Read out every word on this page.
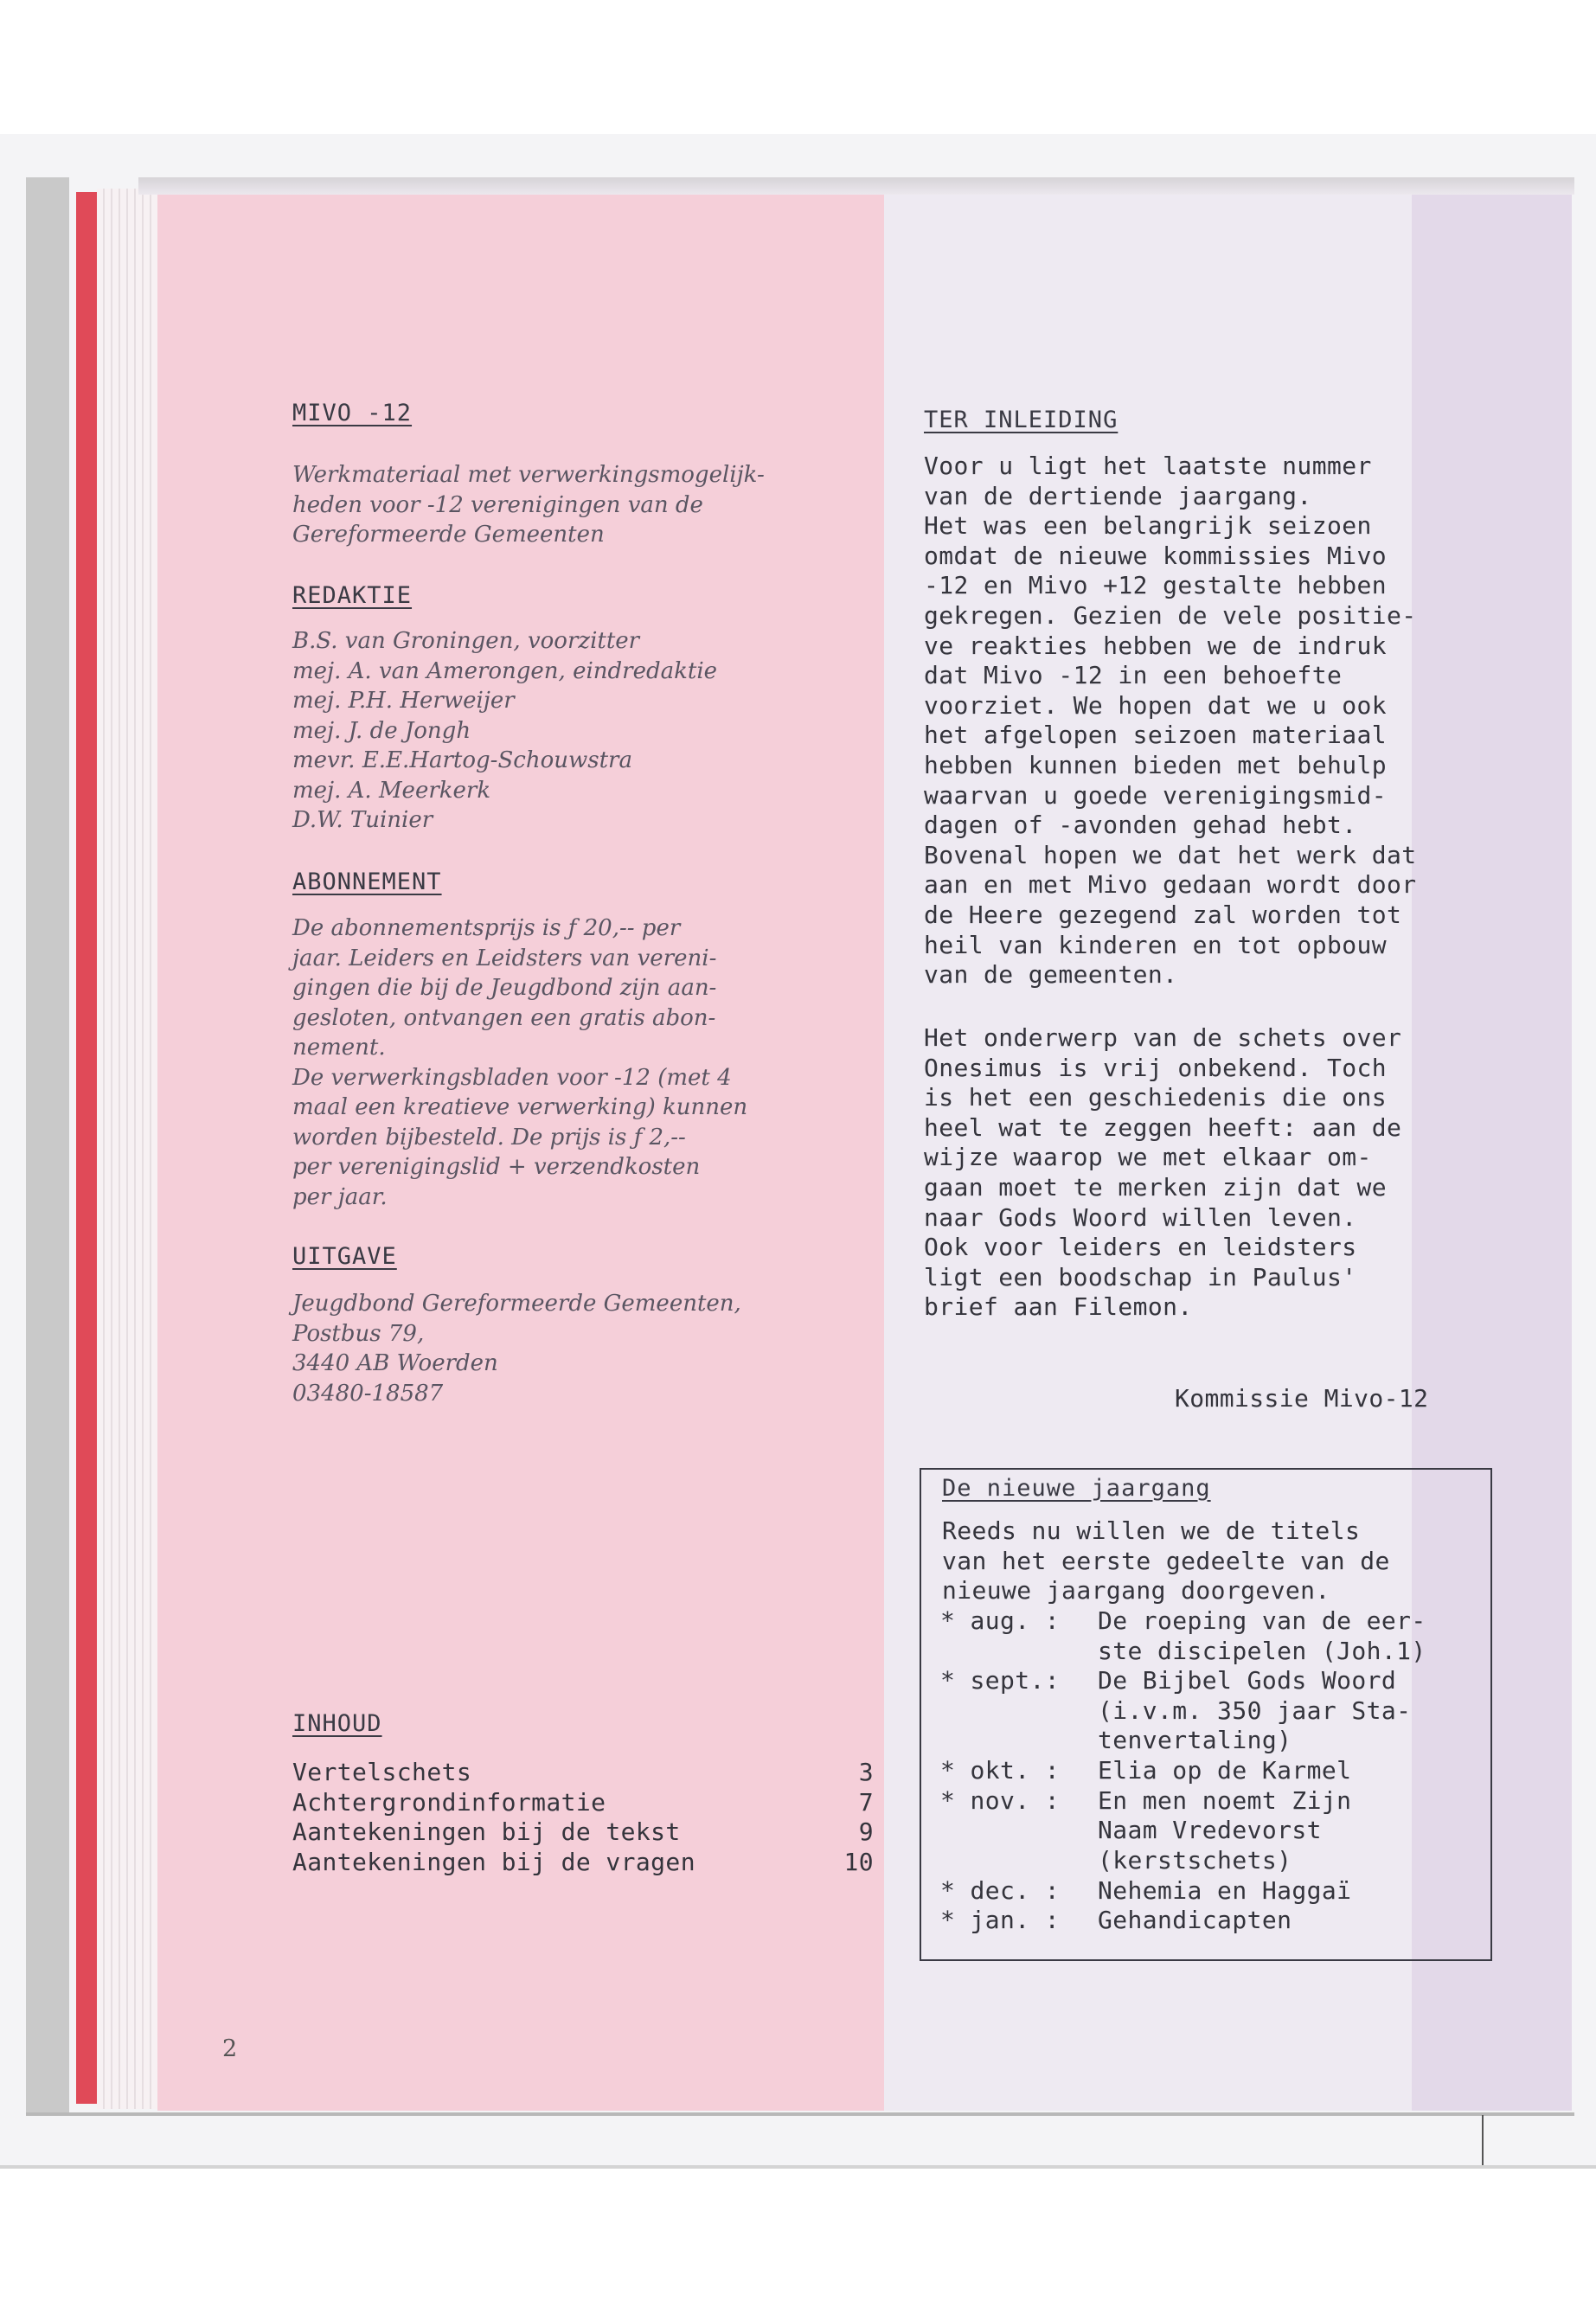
MIVO -12
Werkmateriaal met verwerkingsmogelijk-
heden voor -12 verenigingen van de
Gereformeerde Gemeenten
REDAKTIE
B.S. van Groningen, voorzitter
mej. A. van Amerongen, eindredaktie
mej. P.H. Herweijer
mej. J. de Jongh
mevr. E.E.Hartog-Schouwstra
mej. A. Meerkerk
D.W. Tuinier
ABONNEMENT
De abonnementsprijs is ƒ 20,-- per
jaar. Leiders en Leidsters van vereni-
gingen die bij de Jeugdbond zijn aan-
gesloten, ontvangen een gratis abon-
nement.
De verwerkingsbladen voor -12 (met 4
maal een kreatieve verwerking) kunnen
worden bijbesteld. De prijs is ƒ 2,--
per verenigingslid + verzendkosten
per jaar.
UITGAVE
Jeugdbond Gereformeerde Gemeenten,
Postbus 79,
3440 AB Woerden
03480-18587
INHOUD
Vertelschets	3
Achtergrondinformatie	7
Aantekeningen bij de tekst	9
Aantekeningen bij de vragen	10
2
TER INLEIDING
Voor u ligt het laatste nummer
van de dertiende jaargang.
Het was een belangrijk seizoen
omdat de nieuwe kommissies Mivo
-12 en Mivo +12 gestalte hebben
gekregen. Gezien de vele positie-
ve reakties hebben we de indruk
dat Mivo -12 in een behoefte
voorziet. We hopen dat we u ook
het afgelopen seizoen materiaal
hebben kunnen bieden met behulp
waarvan u goede verenigingsmid-
dagen of -avonden gehad hebt.
Bovenal hopen we dat het werk dat
aan en met Mivo gedaan wordt door
de Heere gezegend zal worden tot
heil van kinderen en tot opbouw
van de gemeenten.
Het onderwerp van de schets over
Onesimus is vrij onbekend. Toch
is het een geschiedenis die ons
heel wat te zeggen heeft: aan de
wijze waarop we met elkaar om-
gaan moet te merken zijn dat we
naar Gods Woord willen leven.
Ook voor leiders en leidsters
ligt een boodschap in Paulus'
brief aan Filemon.
Kommissie Mivo-12
De nieuwe jaargang
Reeds nu willen we de titels
van het eerste gedeelte van de
nieuwe jaargang doorgeven.
* aug. :	De roeping van de eer-
ste discipelen (Joh.1)
* sept.:	De Bijbel Gods Woord
(i.v.m. 350 jaar Sta-
tenvertaling)
* okt. :	Elia op de Karmel
* nov. :	En men noemt Zijn
Naam Vredevorst
(kerstschets)
* dec. :	Nehemia en Haggaï
* jan. :	Gehandicapten
